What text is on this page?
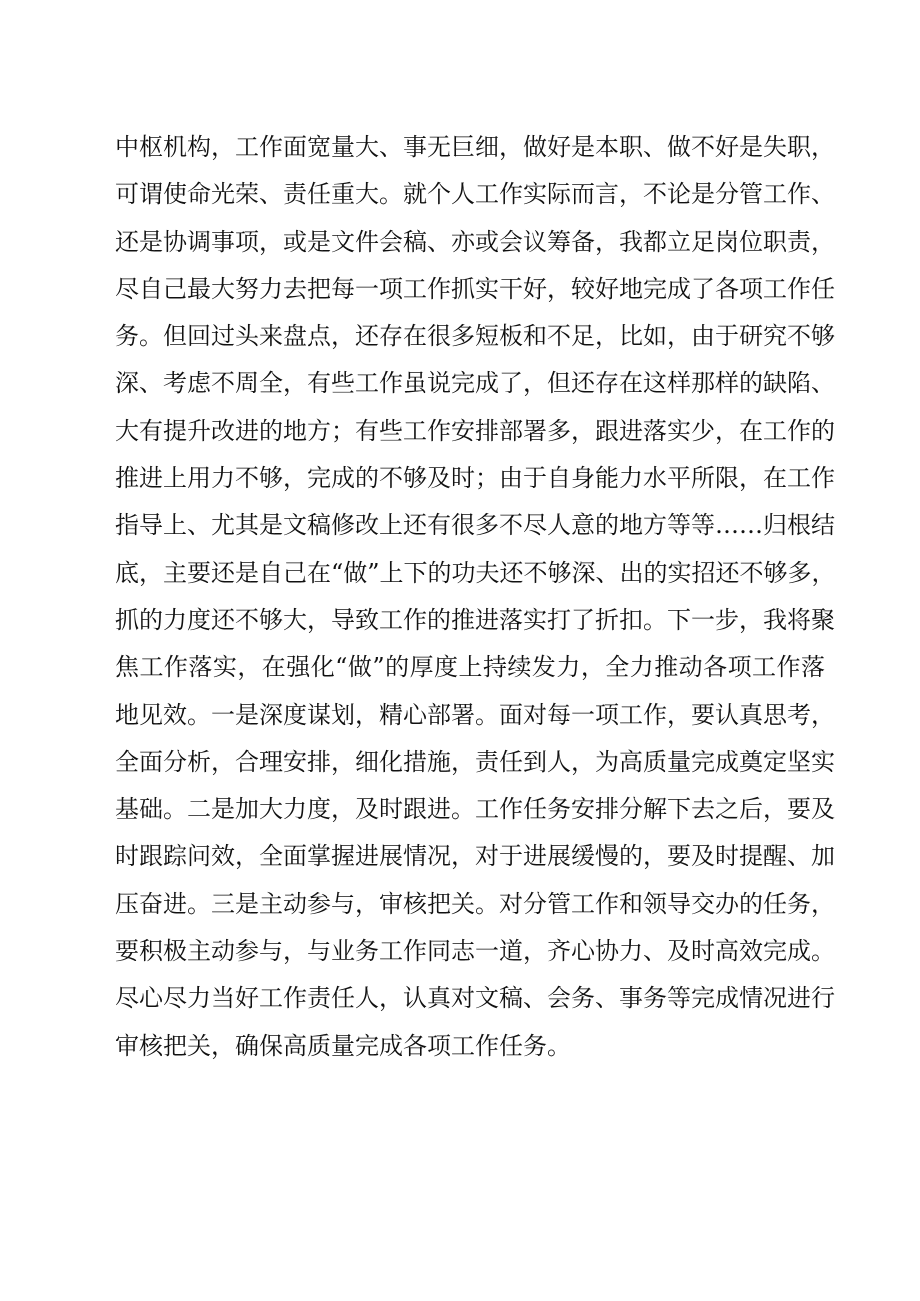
中枢机构，工作面宽量大、事无巨细，做好是本职、做不好是失职，
可谓使命光荣、责任重大。就个人工作实际而言，不论是分管工作、
还是协调事项，或是文件会稿、亦或会议筹备，我都立足岗位职责，
尽自己最大努力去把每一项工作抓实干好，较好地完成了各项工作任
务。但回过头来盘点，还存在很多短板和不足，比如，由于研究不够
深、考虑不周全，有些工作虽说完成了，但还存在这样那样的缺陷、
大有提升改进的地方；有些工作安排部署多，跟进落实少，在工作的
推进上用力不够，完成的不够及时；由于自身能力水平所限，在工作
指导上、尤其是文稿修改上还有很多不尽人意的地方等等……归根结
底，主要还是自己在“做”上下的功夫还不够深、出的实招还不够多，
抓的力度还不够大，导致工作的推进落实打了折扣。下一步，我将聚
焦工作落实，在强化“做”的厚度上持续发力，全力推动各项工作落
地见效。一是深度谋划，精心部署。面对每一项工作，要认真思考，
全面分析，合理安排，细化措施，责任到人，为高质量完成奠定坚实
基础。二是加大力度，及时跟进。工作任务安排分解下去之后，要及
时跟踪问效，全面掌握进展情况，对于进展缓慢的，要及时提醒、加
压奋进。三是主动参与，审核把关。对分管工作和领导交办的任务，
要积极主动参与，与业务工作同志一道，齐心协力、及时高效完成。
尽心尽力当好工作责任人，认真对文稿、会务、事务等完成情况进行
审核把关，确保高质量完成各项工作任务。
